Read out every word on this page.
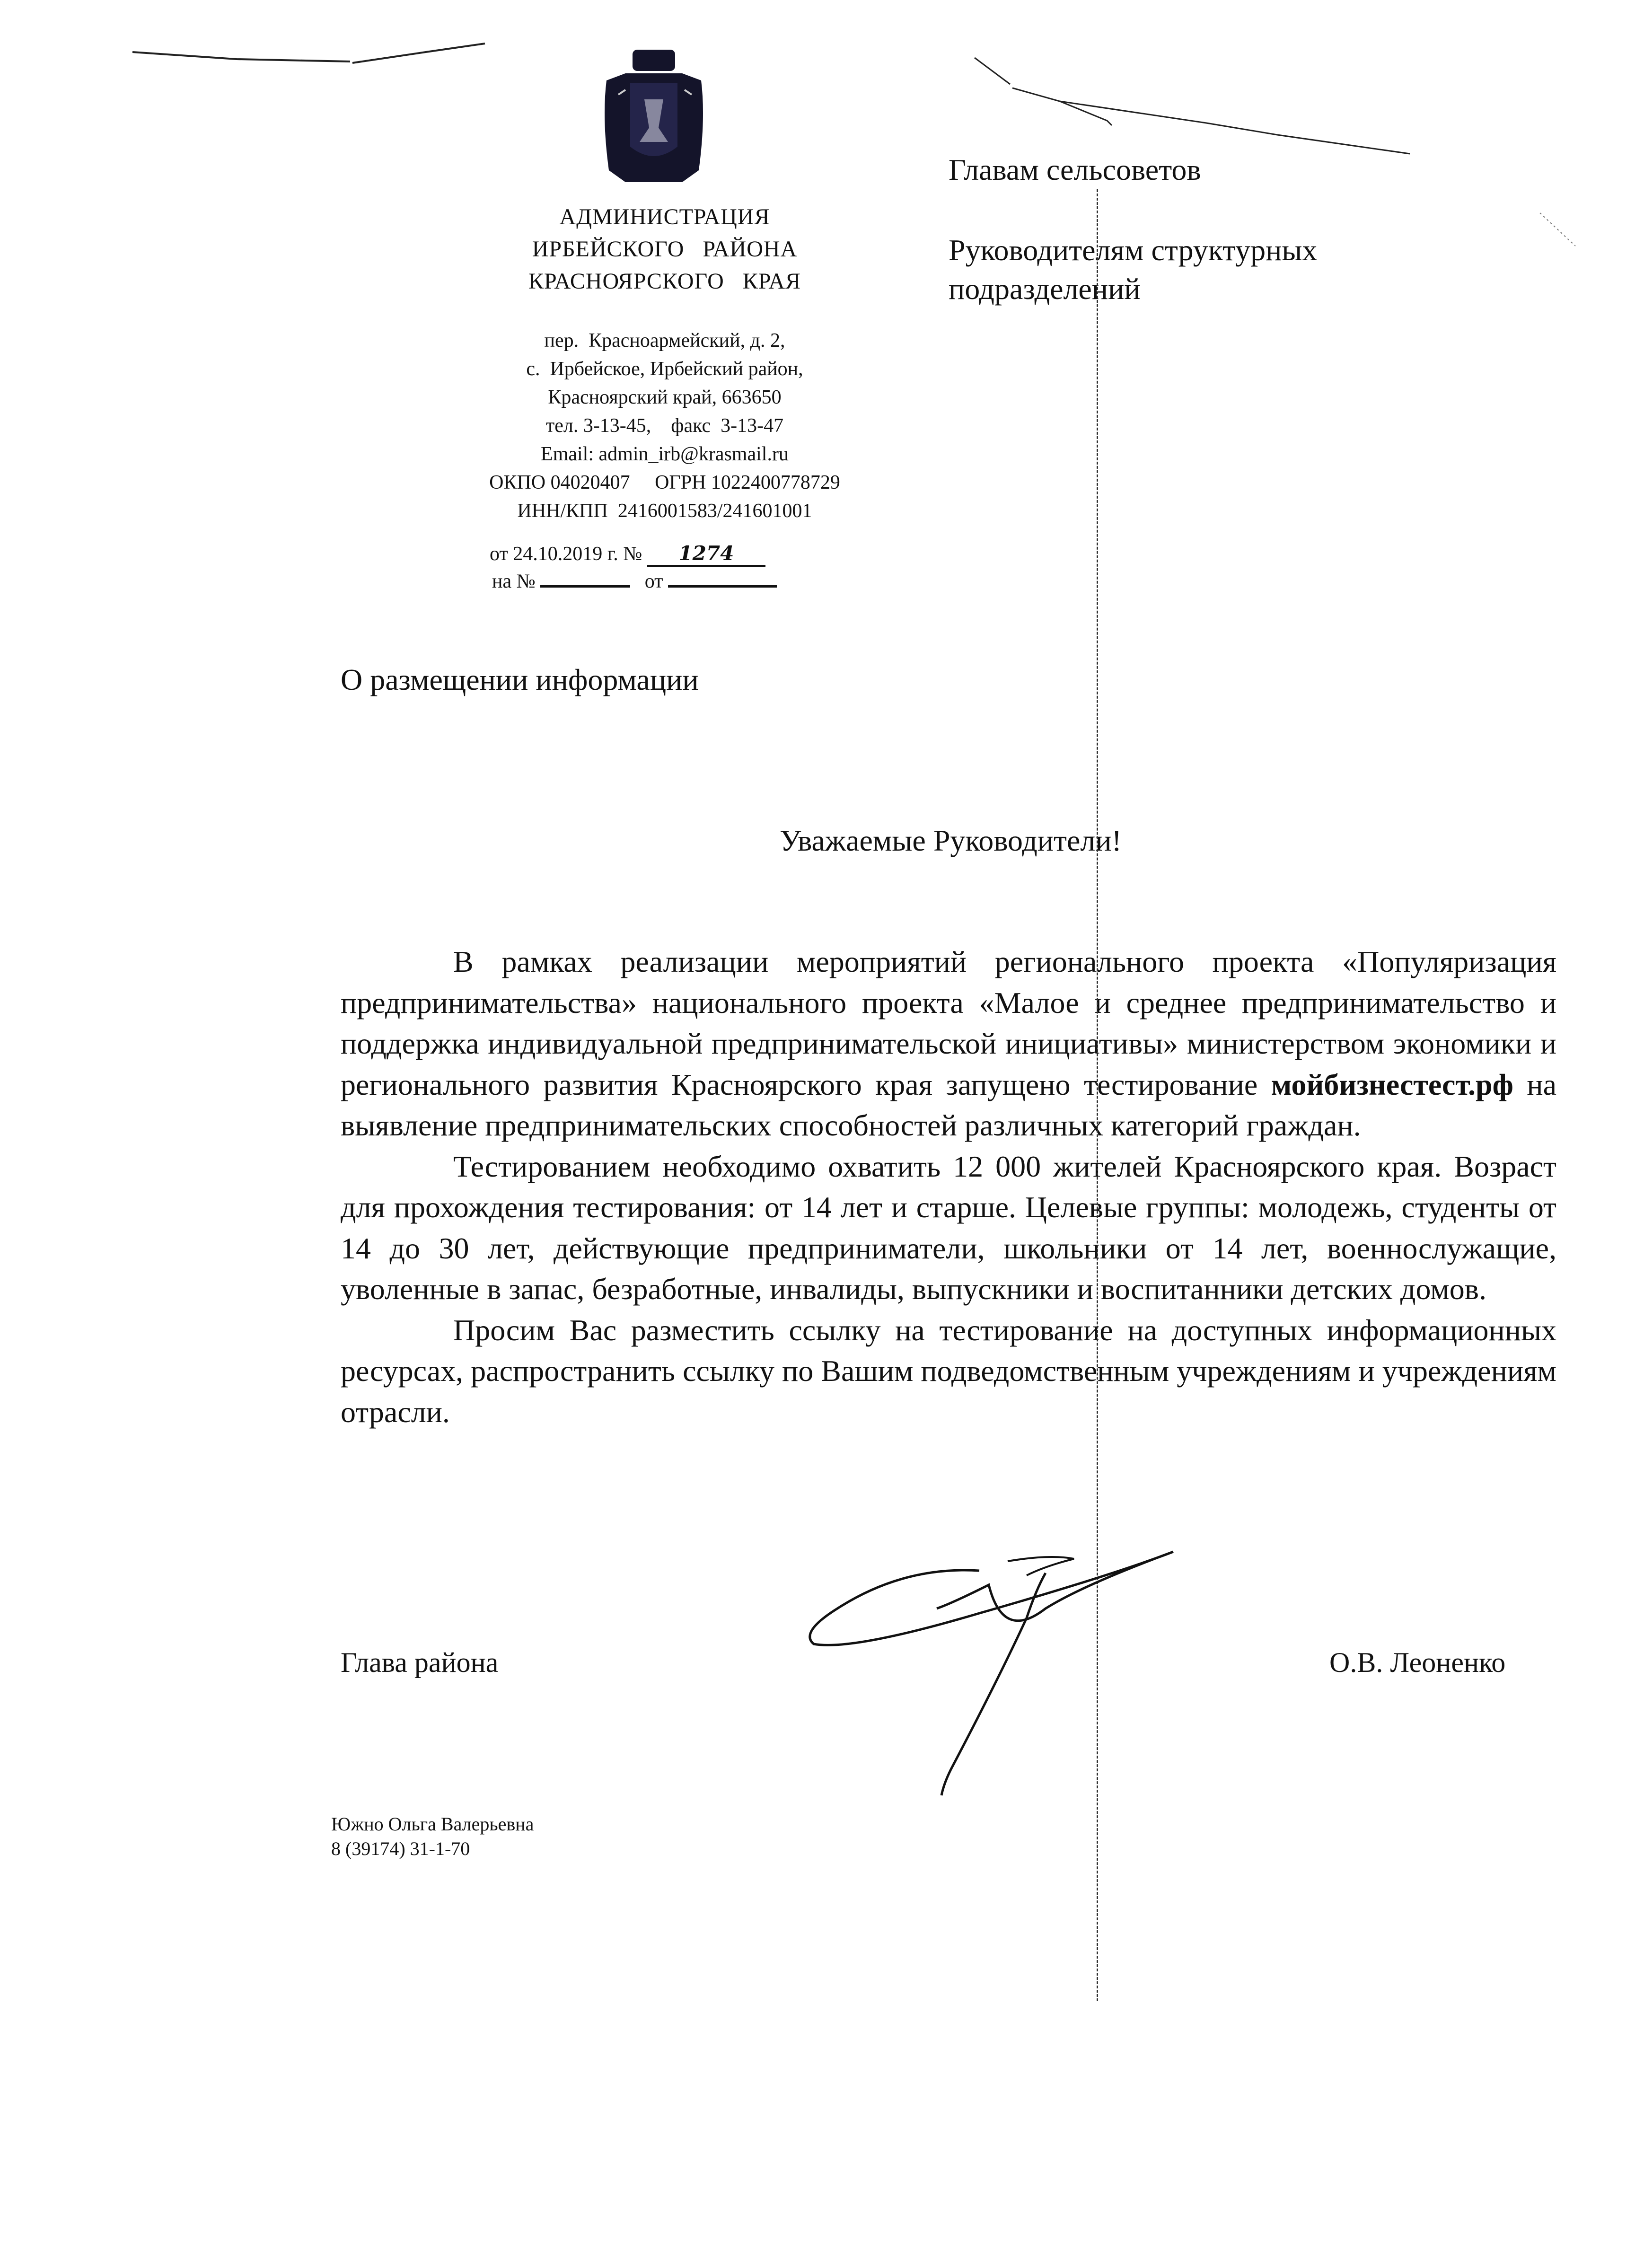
АДМИНИСТРАЦИЯ
ИРБЕЙСКОГО   РАЙОНА
КРАСНОЯРСКОГО   КРАЯ
пер.  Красноармейский, д. 2,
с.  Ирбейское, Ирбейский район,
Красноярский край, 663650
тел. 3-13-45,    факс  3-13-47
Email: admin_irb@krasmail.ru
ОКПО 04020407     ОГРН 1022400778729
ИНН/КПП  2416001583/241601001
от 24.10.2019 г. № 1274
на №	от
Главам сельсоветов
Руководителям структурных подразделений
О размещении информации
Уважаемые Руководители!

В рамках реализации мероприятий регионального проекта «Популяризация предпринимательства» национального проекта «Малое и среднее предпринимательство и поддержка индивидуальной предпринимательской инициативы» министерством экономики и регионального развития Красноярского края запущено тестирование мойбизнестест.рф на выявление предпринимательских способностей различных категорий граждан.

Тестированием необходимо охватить 12 000 жителей Красноярского края. Возраст для прохождения тестирования: от 14 лет и старше. Целевые группы: молодежь, студенты от 14 до 30 лет, действующие предприниматели, школьники от 14 лет, военнослужащие, уволенные в запас, безработные, инвалиды, выпускники и воспитанники детских домов.

Просим Вас разместить ссылку на тестирование на доступных информационных ресурсах, распространить ссылку по Вашим подведомственным учреждениям и учреждениям отрасли.

Глава района	О.В. Леоненко
Южно Ольга Валерьевна
8 (39174) 31-1-70
